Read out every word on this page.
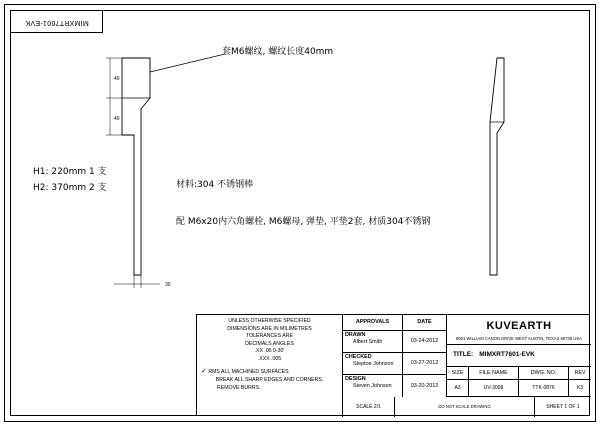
MIMXRT7601-EVK
40
40
30
套M6螺纹, 螺纹长度40mm
材料:304 不锈钢棒
配 M6x20内六角螺栓, M6螺母, 弹垫, 平垫2套, 材质304不锈钢
H1: 220mm 1 支
H2: 370mm 2 支
UNLESS OTHERWISE SPECIFIED
DIMENSIONS ARE IN MILIMETRES
TOLERANCES ARE
DECIMALS ANGLES
.XX .05 0-30'
.XXX .005
✓ RMS ALL MACHINED SURFACES
BREAK ALL SHARP EDGES AND CORNERS.
REMOVE BURRS.
APPROVALS	DATE
DRAWN
Albert Smith	03-24-2012
CHECKED
Steptoe Johnson	03-27-2012
DESIGN
Steven Johnson	03-20-2012
KUVEARTH
8601 WILLIAM CANON DRIVE WEST AUSTIN, TEXAS 88735 USA
TITLE: MIMXRT7601-EVK
SIZE	FILE NAME	DWG. NO.	REV
A3	UV-3008	TTK-0876	K3
SCALE 2/1	DO NOT SCALE DRAWING	SHEET 1 OF 1
